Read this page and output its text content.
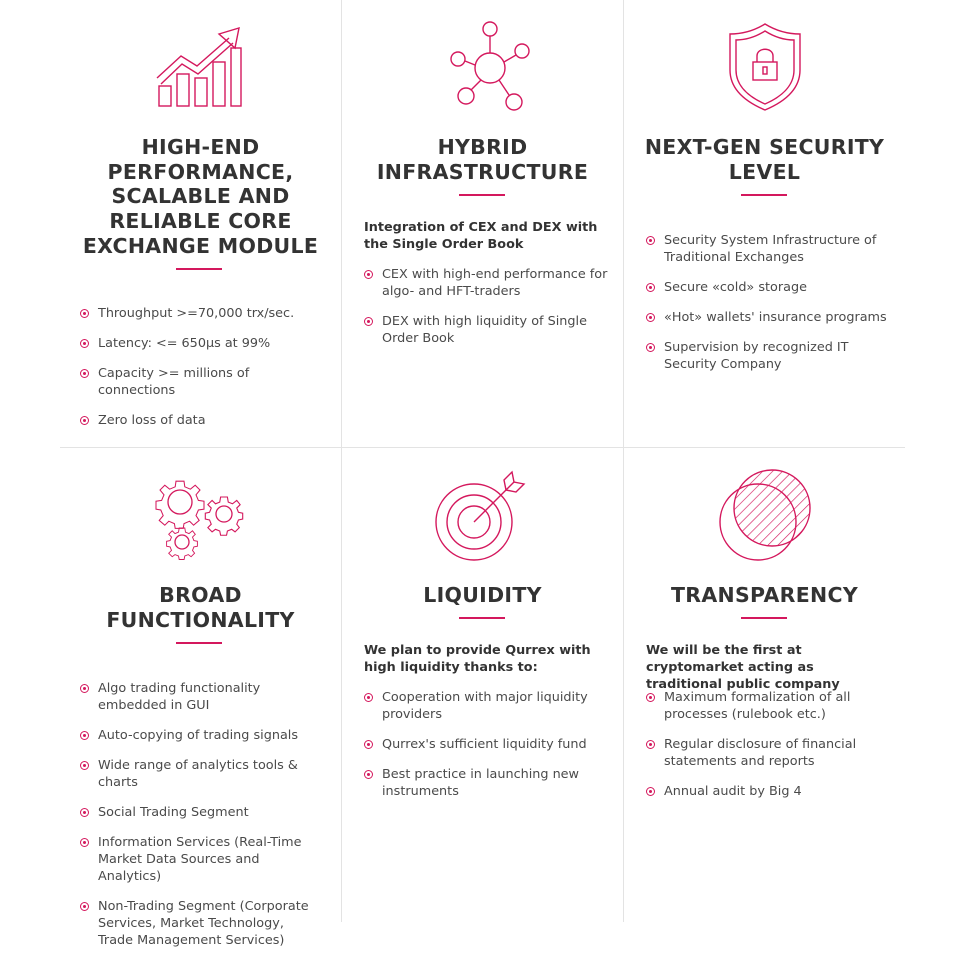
HIGH-END
PERFORMANCE,
SCALABLE AND
RELIABLE CORE
EXCHANGE MODULE
Throughput >=70,000 trx/sec.
Latency: <= 650μs at 99%
Capacity >= millions of connections
Zero loss of data
HYBRID
INFRASTRUCTURE
Integration of CEX and DEX with the Single Order Book
CEX with high-end performance for algo- and HFT-traders
DEX with high liquidity of Single Order Book
NEXT-GEN SECURITY
LEVEL
Security System Infrastructure of Traditional Exchanges
Secure «cold» storage
«Hot» wallets' insurance programs
Supervision by recognized IT Security Company
BROAD
FUNCTIONALITY
Algo trading functionality embedded in GUI
Auto-copying of trading signals
Wide range of analytics tools & charts
Social Trading Segment
Information Services (Real-Time Market Data Sources and Analytics)
Non-Trading Segment (Corporate Services, Market Technology, Trade Management Services)
LIQUIDITY
We plan to provide Qurrex with high liquidity thanks to:
Cooperation with major liquidity providers
Qurrex's sufficient liquidity fund
Best practice in launching new instruments
TRANSPARENCY
We will be the first at cryptomarket acting as traditional public company
Maximum formalization of all processes (rulebook etc.)
Regular disclosure of financial statements and reports
Annual audit by Big 4
